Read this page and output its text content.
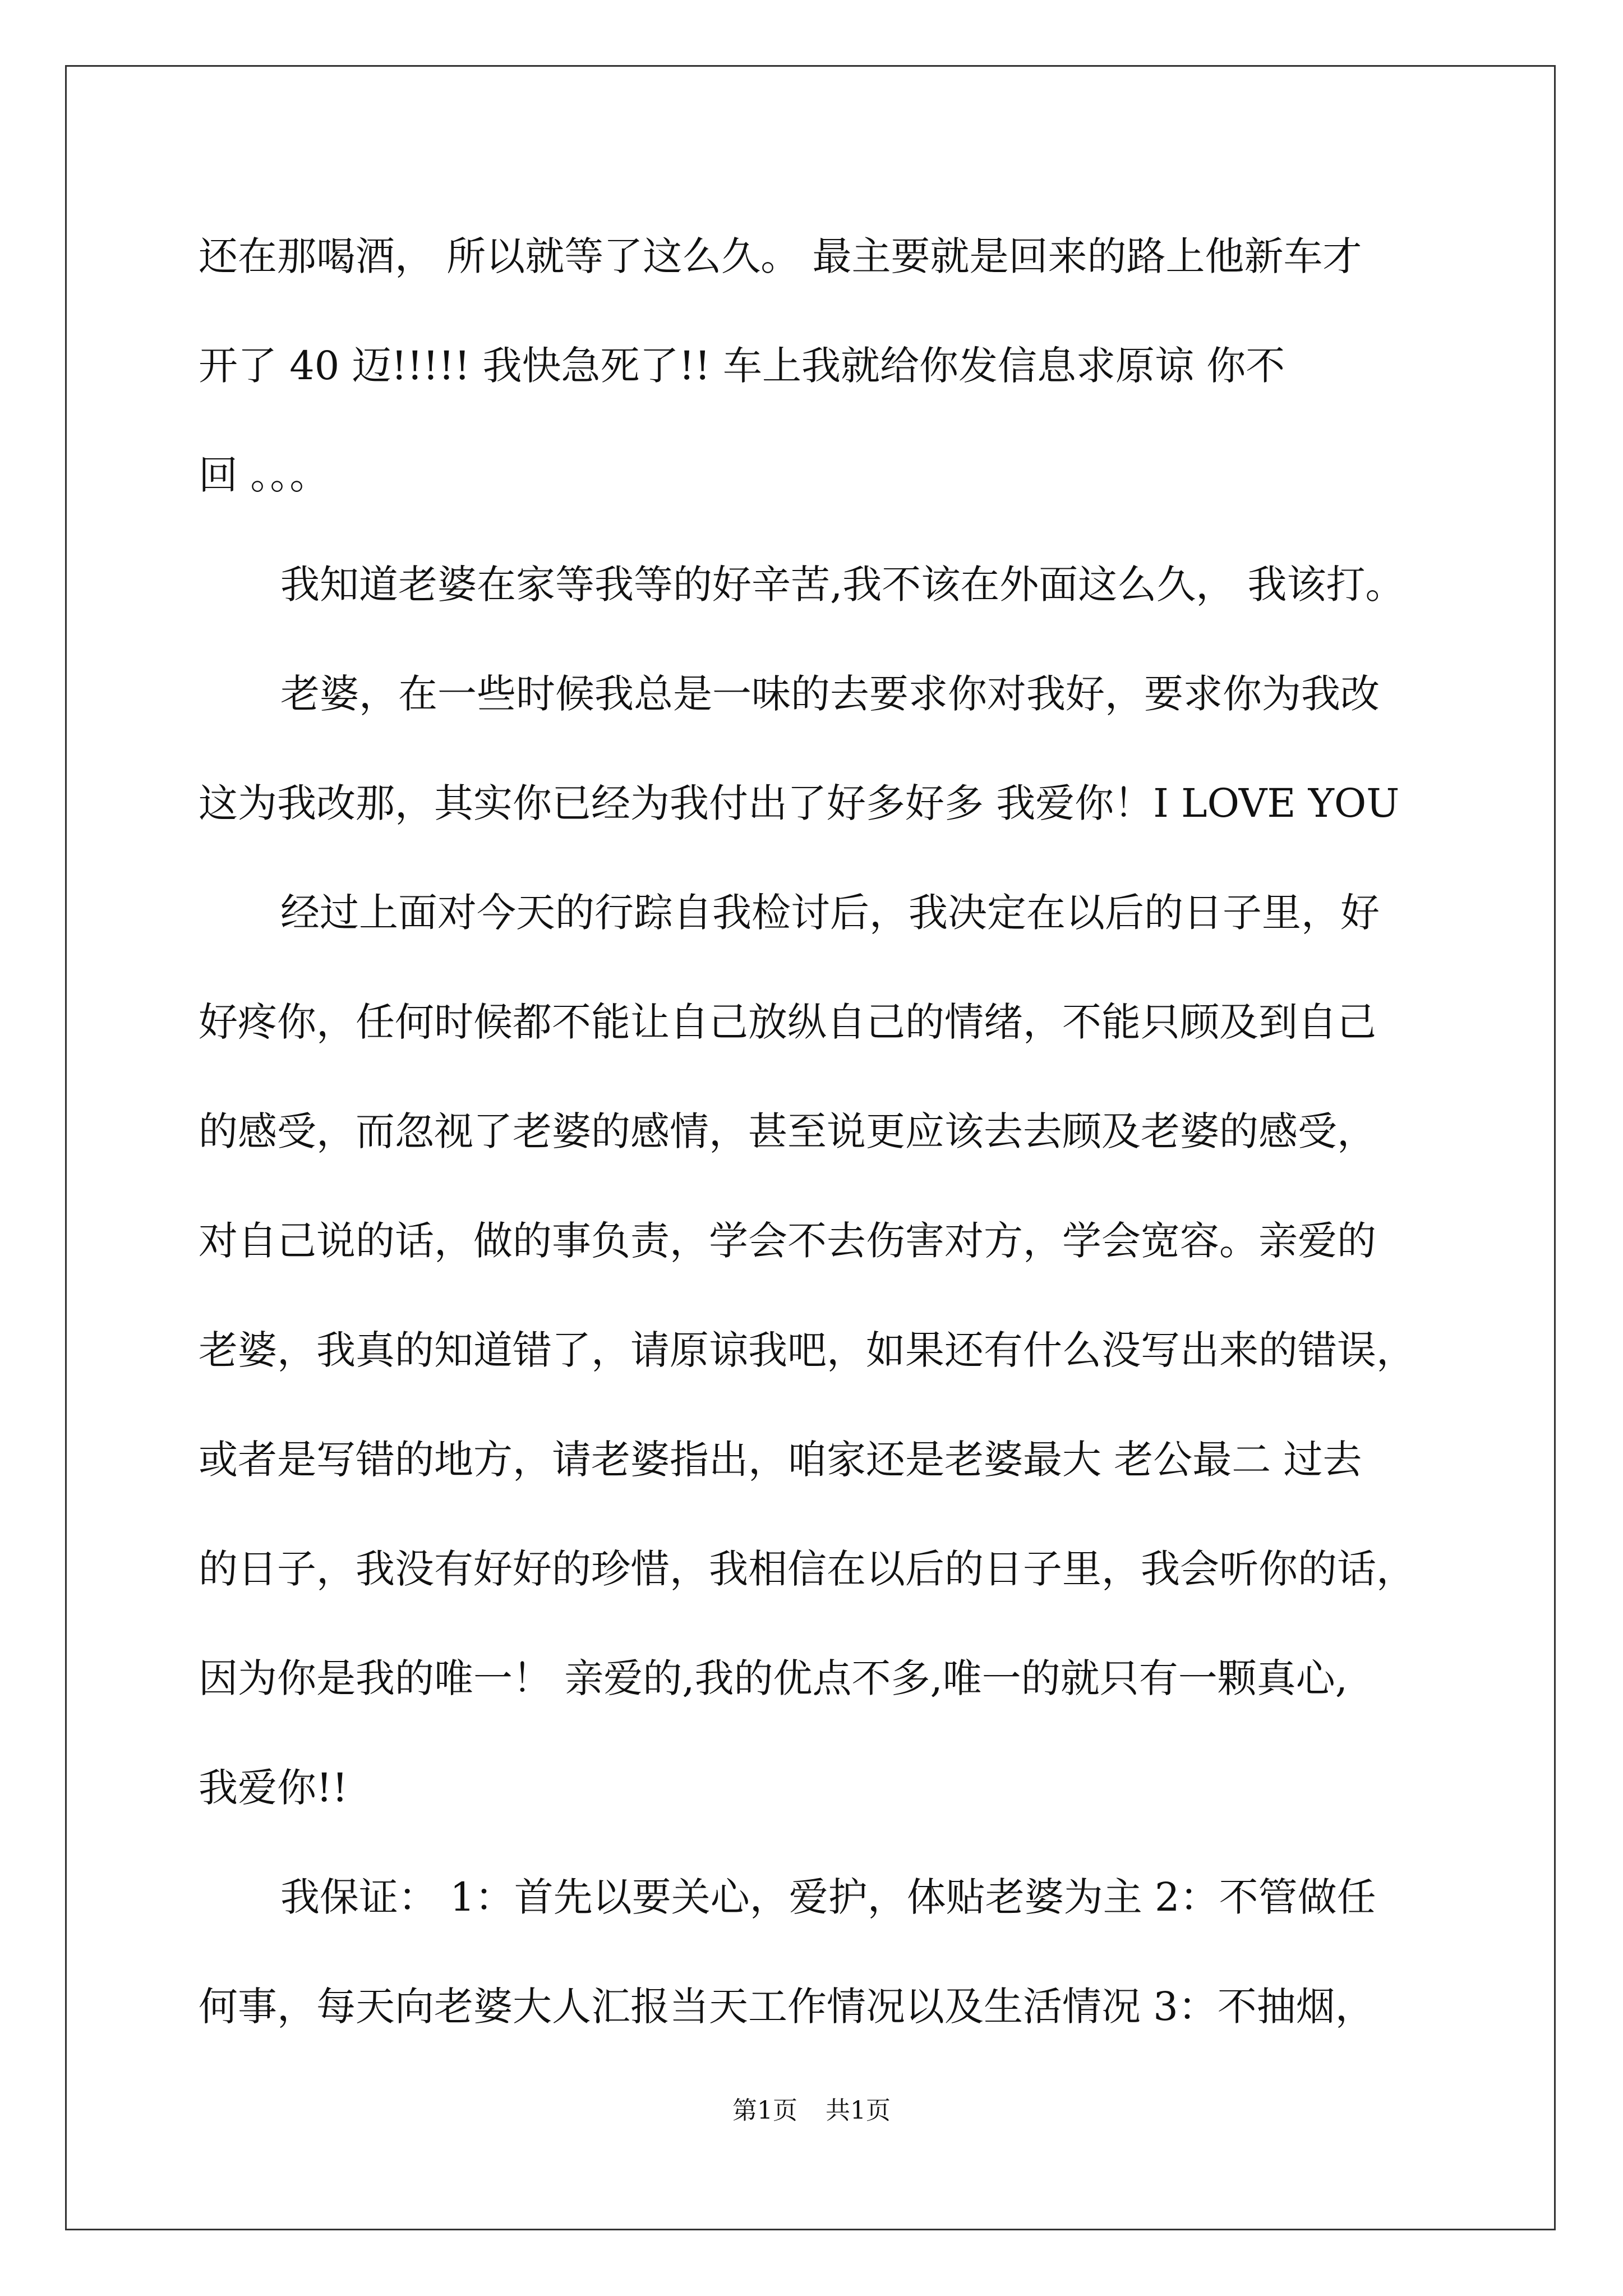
还在那喝酒， 所以就等了这么久。 最主要就是回来的路上他新车才
开了 40 迈!!!!! 我快急死了!! 车上我就给你发信息求原谅 你不
回 。。。
我知道老婆在家等我等的好辛苦,我不该在外面这么久， 我该打。
老婆，在一些时候我总是一味的去要求你对我好，要求你为我改
这为我改那，其实你已经为我付出了好多好多 我爱你！I LOVE YOU
经过上面对今天的行踪自我检讨后，我决定在以后的日子里，好
好疼你，任何时候都不能让自己放纵自己的情绪，不能只顾及到自己
的感受，而忽视了老婆的感情，甚至说更应该去去顾及老婆的感受，
对自己说的话，做的事负责，学会不去伤害对方，学会宽容。亲爱的
老婆，我真的知道错了，请原谅我吧，如果还有什么没写出来的错误，
或者是写错的地方，请老婆指出，咱家还是老婆最大 老公最二 过去
的日子，我没有好好的珍惜，我相信在以后的日子里，我会听你的话，
因为你是我的唯一！ 亲爱的,我的优点不多,唯一的就只有一颗真心,
我爱你!!
我保证： 1：首先以要关心，爱护，体贴老婆为主 2：不管做任
何事，每天向老婆大人汇报当天工作情况以及生活情况 3：不抽烟，
第1页 共1页
